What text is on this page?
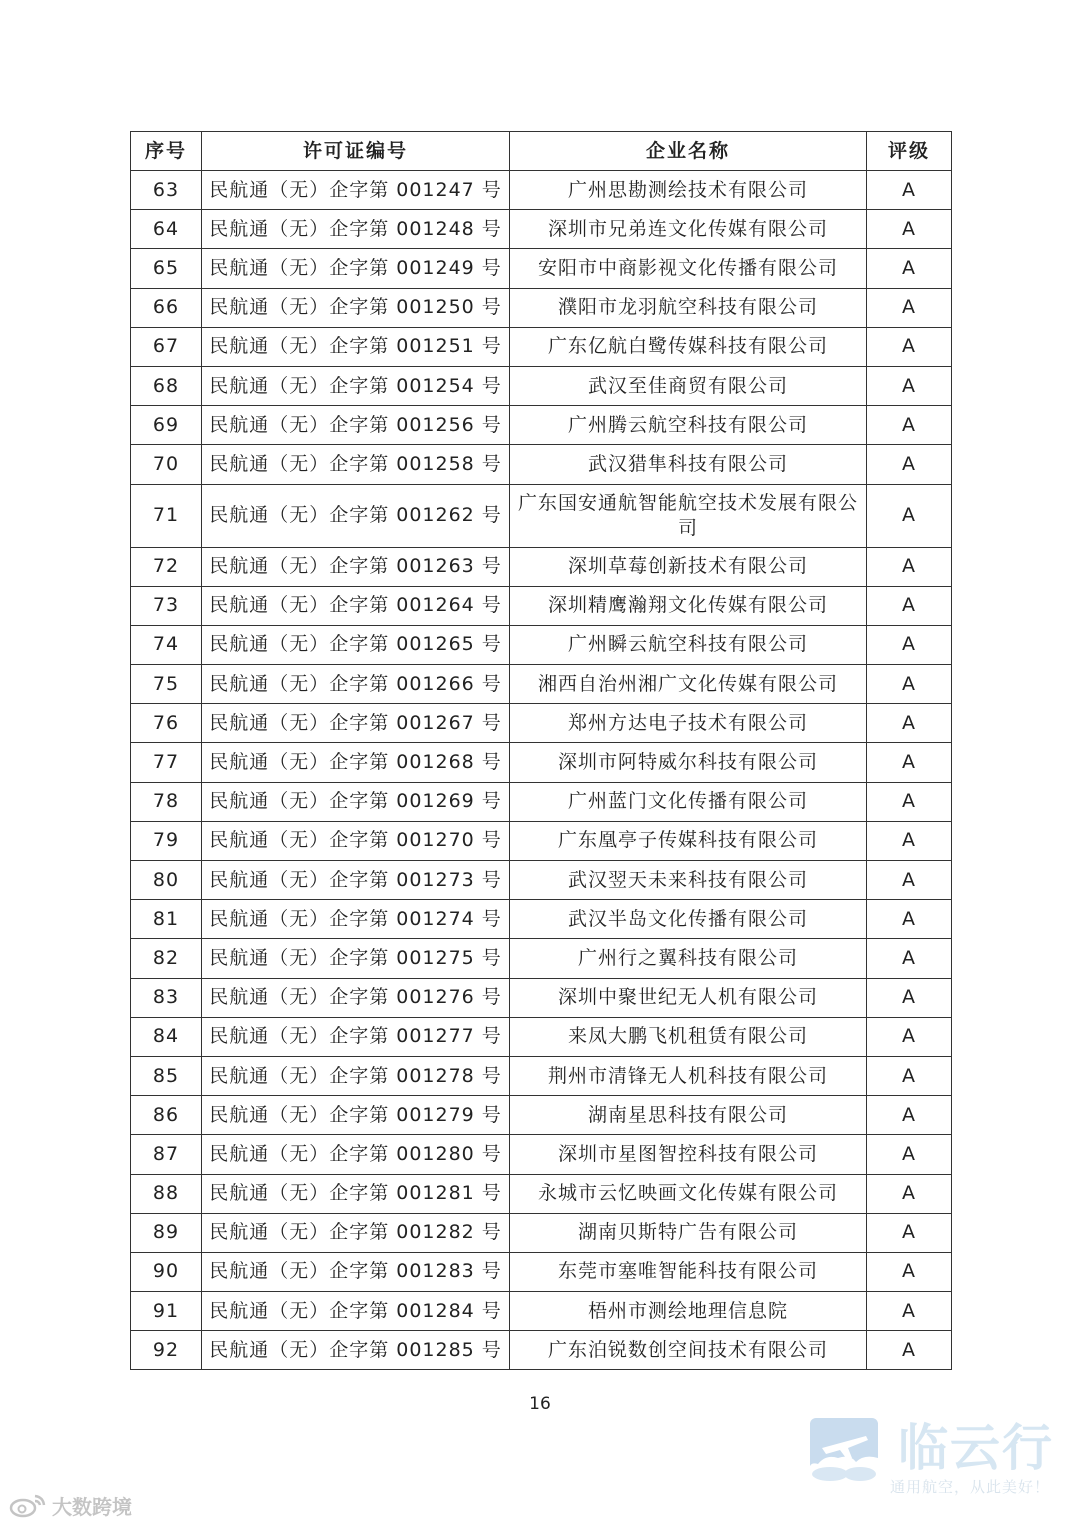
序号	许可证编号	企业名称	评级
63	民航通（无）企字第 001247 号	广州思勘测绘技术有限公司	A
64	民航通（无）企字第 001248 号	深圳市兄弟连文化传媒有限公司	A
65	民航通（无）企字第 001249 号	安阳市中商影视文化传播有限公司	A
66	民航通（无）企字第 001250 号	濮阳市龙羽航空科技有限公司	A
67	民航通（无）企字第 001251 号	广东亿航白鹭传媒科技有限公司	A
68	民航通（无）企字第 001254 号	武汉至佳商贸有限公司	A
69	民航通（无）企字第 001256 号	广州腾云航空科技有限公司	A
70	民航通（无）企字第 001258 号	武汉猎隼科技有限公司	A
71	民航通（无）企字第 001262 号	广东国安通航智能航空技术发展有限公司	A
72	民航通（无）企字第 001263 号	深圳草莓创新技术有限公司	A
73	民航通（无）企字第 001264 号	深圳精鹰瀚翔文化传媒有限公司	A
74	民航通（无）企字第 001265 号	广州瞬云航空科技有限公司	A
75	民航通（无）企字第 001266 号	湘西自治州湘广文化传媒有限公司	A
76	民航通（无）企字第 001267 号	郑州方达电子技术有限公司	A
77	民航通（无）企字第 001268 号	深圳市阿特威尔科技有限公司	A
78	民航通（无）企字第 001269 号	广州蓝门文化传播有限公司	A
79	民航通（无）企字第 001270 号	广东凰亭子传媒科技有限公司	A
80	民航通（无）企字第 001273 号	武汉翌天未来科技有限公司	A
81	民航通（无）企字第 001274 号	武汉半岛文化传播有限公司	A
82	民航通（无）企字第 001275 号	广州行之翼科技有限公司	A
83	民航通（无）企字第 001276 号	深圳中聚世纪无人机有限公司	A
84	民航通（无）企字第 001277 号	来凤大鹏飞机租赁有限公司	A
85	民航通（无）企字第 001278 号	荆州市清锋无人机科技有限公司	A
86	民航通（无）企字第 001279 号	湖南星思科技有限公司	A
87	民航通（无）企字第 001280 号	深圳市星图智控科技有限公司	A
88	民航通（无）企字第 001281 号	永城市云忆映画文化传媒有限公司	A
89	民航通（无）企字第 001282 号	湖南贝斯特广告有限公司	A
90	民航通（无）企字第 001283 号	东莞市塞唯智能科技有限公司	A
91	民航通（无）企字第 001284 号	梧州市测绘地理信息院	A
92	民航通（无）企字第 001285 号	广东泊锐数创空间技术有限公司	A
16
大数跨境
临云行
通用航空，从此美好！
